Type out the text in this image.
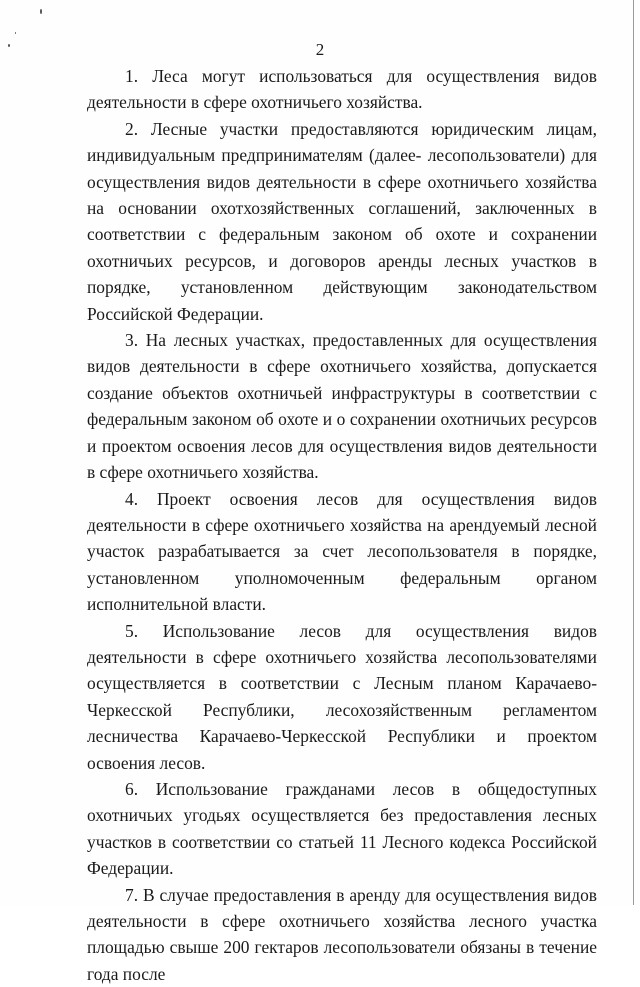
2

1. Леса могут использоваться для осуществления видов деятельности в сфере охотничьего хозяйства.

2. Лесные участки предоставляются юридическим лицам, индивидуальным предпринимателям (далее- лесопользователи) для осуществления видов деятельности в сфере охотничьего хозяйства на основании охотхозяйственных соглашений, заключенных в соответствии с федеральным законом об охоте и сохранении охотничьих ресурсов, и договоров аренды лесных участков в порядке, установленном действующим законодательством Российской Федерации.

3. На лесных участках, предоставленных для осуществления видов деятельности в сфере охотничьего хозяйства, допускается создание объектов охотничьей инфраструктуры в соответствии с федеральным законом об охоте и о сохранении охотничьих ресурсов и проектом освоения лесов для осуществления видов деятельности в сфере охотничьего хозяйства.

4. Проект освоения лесов для осуществления видов деятельности в сфере охотничьего хозяйства на арендуемый лесной участок разрабатывается за счет лесопользователя в порядке, установленном уполномоченным федеральным органом исполнительной власти.

5. Использование лесов для осуществления видов деятельности в сфере охотничьего хозяйства лесопользователями осуществляется в соответствии с Лесным планом Карачаево-Черкесской Республики, лесохозяйственным регламентом лесничества Карачаево-Черкесской Республики и проектом освоения лесов.

6. Использование гражданами лесов в общедоступных охотничьих угодьях осуществляется без предоставления лесных участков в соответствии со статьей 11 Лесного кодекса Российской Федерации.

7. В случае предоставления в аренду для осуществления видов деятельности в сфере охотничьего хозяйства лесного участка площадью свыше 200 гектаров лесопользователи обязаны в течение года после
